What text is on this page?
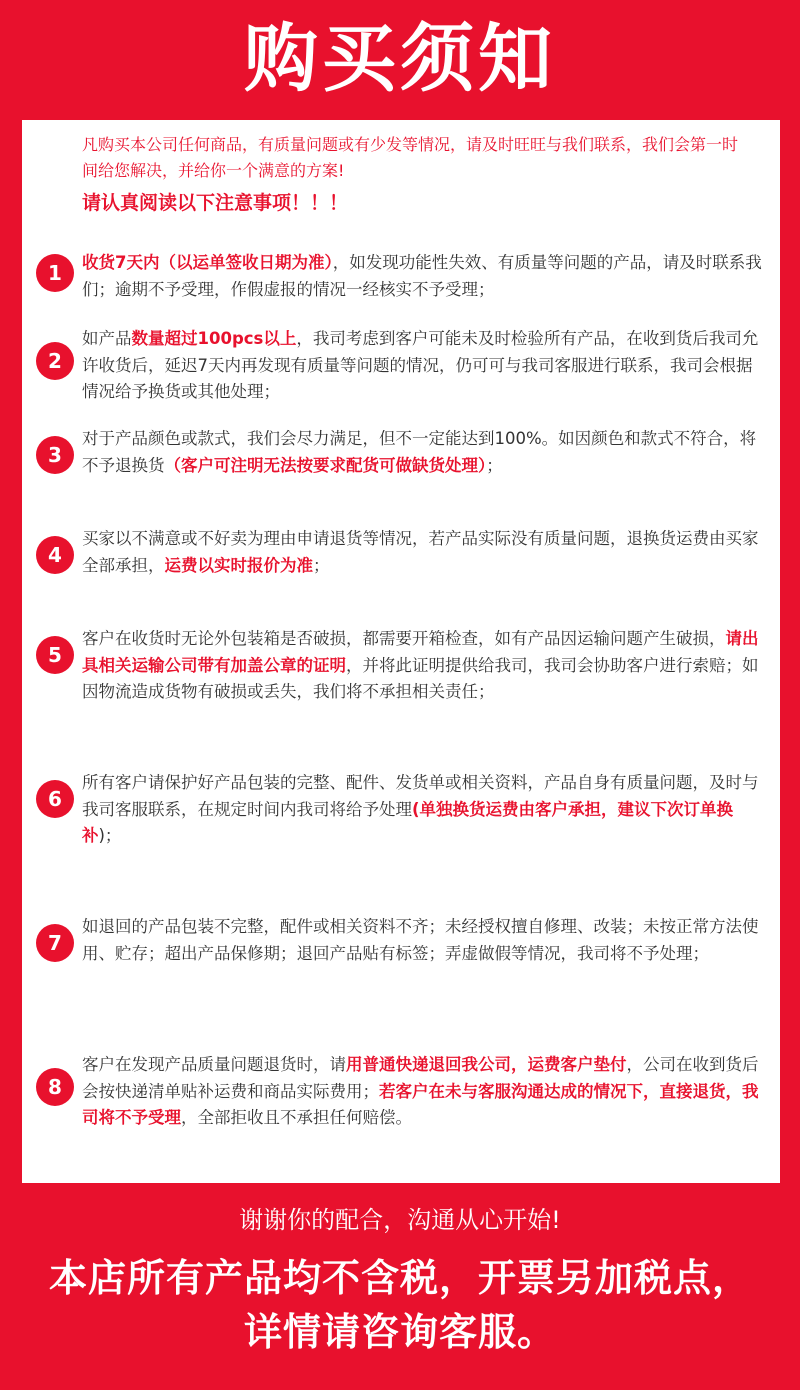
购买须知
凡购买本公司任何商品，有质量问题或有少发等情况，请及时旺旺与我们联系，我们会第一时间给您解决，并给你一个满意的方案!
请认真阅读以下注意事项！！！
1	收货7天内（以运单签收日期为准），如发现功能性失效、有质量等问题的产品，请及时联系我们；逾期不予受理，作假虚报的情况一经核实不予受理；
2
如产品数量超过100pcs以上，我司考虑到客户可能未及时检验所有产品，在收到货后我司允许收货后，延迟7天内再发现有质量等问题的情况，仍可可与我司客服进行联系，我司会根据情况给予换货或其他处理；
3
对于产品颜色或款式，我们会尽力满足，但不一定能达到100%。如因颜色和款式不符合，将不予退换货（客户可注明无法按要求配货可做缺货处理）；
4
买家以不满意或不好卖为理由申请退货等情况，若产品实际没有质量问题，退换货运费由买家全部承担，运费以实时报价为准；
5
客户在收货时无论外包装箱是否破损，都需要开箱检查，如有产品因运输问题产生破损，请出具相关运输公司带有加盖公章的证明，并将此证明提供给我司，我司会协助客户进行索赔；如因物流造成货物有破损或丢失，我们将不承担相关责任；
6
所有客户请保护好产品包装的完整、配件、发货单或相关资料，产品自身有质量问题，及时与我司客服联系，在规定时间内我司将给予处理(单独换货运费由客户承担，建议下次订单换补)；
7
如退回的产品包装不完整，配件或相关资料不齐；未经授权擅自修理、改装；未按正常方法使用、贮存；超出产品保修期；退回产品贴有标签；弄虚做假等情况，我司将不予处理；
8
客户在发现产品质量问题退货时，请用普通快递退回我公司，运费客户垫付，公司在收到货后会按快递清单贴补运费和商品实际费用；若客户在未与客服沟通达成的情况下，直接退货，我司将不予受理，全部拒收且不承担任何赔偿。
谢谢你的配合，沟通从心开始!
本店所有产品均不含税，开票另加税点，
详情请咨询客服。
